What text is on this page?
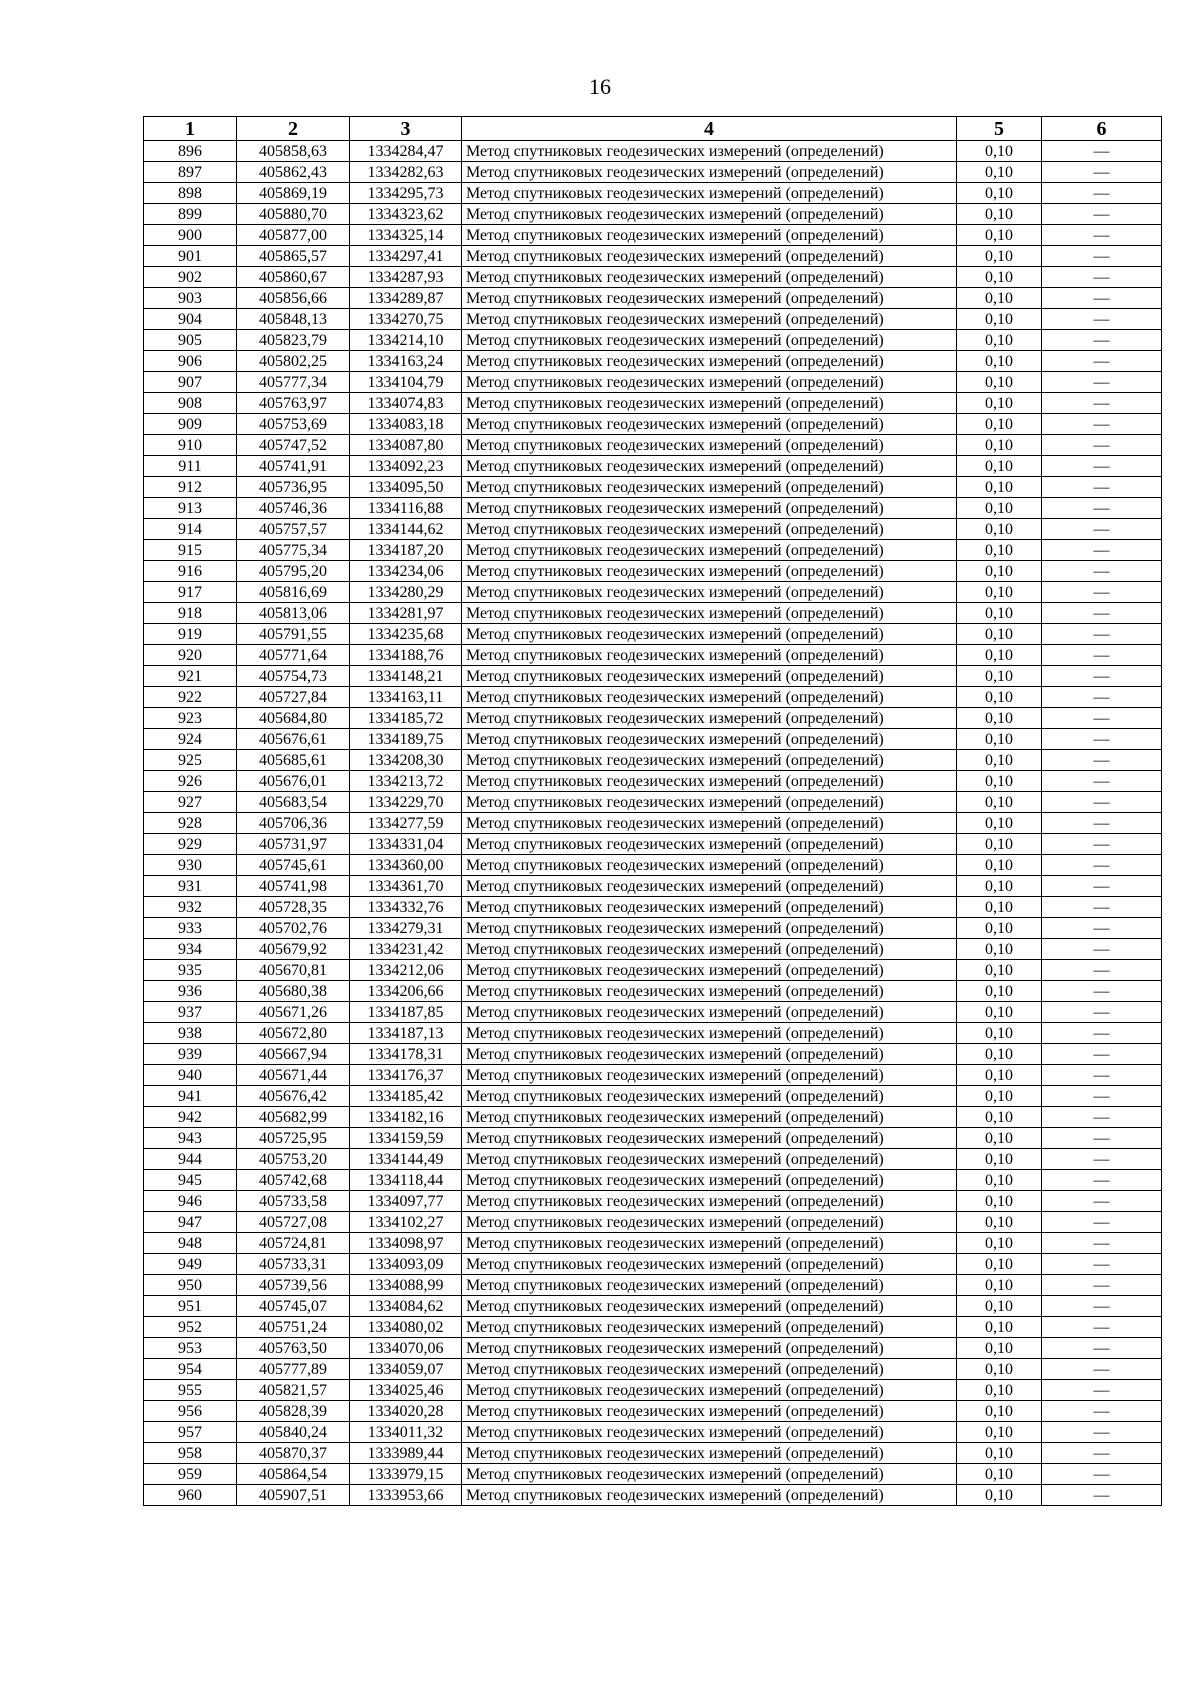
16
1	2	3	4	5	6
896	405858,63	1334284,47	Метод спутниковых геодезических измерений (определений)	0,10	—
897	405862,43	1334282,63	Метод спутниковых геодезических измерений (определений)	0,10	—
898	405869,19	1334295,73	Метод спутниковых геодезических измерений (определений)	0,10	—
899	405880,70	1334323,62	Метод спутниковых геодезических измерений (определений)	0,10	—
900	405877,00	1334325,14	Метод спутниковых геодезических измерений (определений)	0,10	—
901	405865,57	1334297,41	Метод спутниковых геодезических измерений (определений)	0,10	—
902	405860,67	1334287,93	Метод спутниковых геодезических измерений (определений)	0,10	—
903	405856,66	1334289,87	Метод спутниковых геодезических измерений (определений)	0,10	—
904	405848,13	1334270,75	Метод спутниковых геодезических измерений (определений)	0,10	—
905	405823,79	1334214,10	Метод спутниковых геодезических измерений (определений)	0,10	—
906	405802,25	1334163,24	Метод спутниковых геодезических измерений (определений)	0,10	—
907	405777,34	1334104,79	Метод спутниковых геодезических измерений (определений)	0,10	—
908	405763,97	1334074,83	Метод спутниковых геодезических измерений (определений)	0,10	—
909	405753,69	1334083,18	Метод спутниковых геодезических измерений (определений)	0,10	—
910	405747,52	1334087,80	Метод спутниковых геодезических измерений (определений)	0,10	—
911	405741,91	1334092,23	Метод спутниковых геодезических измерений (определений)	0,10	—
912	405736,95	1334095,50	Метод спутниковых геодезических измерений (определений)	0,10	—
913	405746,36	1334116,88	Метод спутниковых геодезических измерений (определений)	0,10	—
914	405757,57	1334144,62	Метод спутниковых геодезических измерений (определений)	0,10	—
915	405775,34	1334187,20	Метод спутниковых геодезических измерений (определений)	0,10	—
916	405795,20	1334234,06	Метод спутниковых геодезических измерений (определений)	0,10	—
917	405816,69	1334280,29	Метод спутниковых геодезических измерений (определений)	0,10	—
918	405813,06	1334281,97	Метод спутниковых геодезических измерений (определений)	0,10	—
919	405791,55	1334235,68	Метод спутниковых геодезических измерений (определений)	0,10	—
920	405771,64	1334188,76	Метод спутниковых геодезических измерений (определений)	0,10	—
921	405754,73	1334148,21	Метод спутниковых геодезических измерений (определений)	0,10	—
922	405727,84	1334163,11	Метод спутниковых геодезических измерений (определений)	0,10	—
923	405684,80	1334185,72	Метод спутниковых геодезических измерений (определений)	0,10	—
924	405676,61	1334189,75	Метод спутниковых геодезических измерений (определений)	0,10	—
925	405685,61	1334208,30	Метод спутниковых геодезических измерений (определений)	0,10	—
926	405676,01	1334213,72	Метод спутниковых геодезических измерений (определений)	0,10	—
927	405683,54	1334229,70	Метод спутниковых геодезических измерений (определений)	0,10	—
928	405706,36	1334277,59	Метод спутниковых геодезических измерений (определений)	0,10	—
929	405731,97	1334331,04	Метод спутниковых геодезических измерений (определений)	0,10	—
930	405745,61	1334360,00	Метод спутниковых геодезических измерений (определений)	0,10	—
931	405741,98	1334361,70	Метод спутниковых геодезических измерений (определений)	0,10	—
932	405728,35	1334332,76	Метод спутниковых геодезических измерений (определений)	0,10	—
933	405702,76	1334279,31	Метод спутниковых геодезических измерений (определений)	0,10	—
934	405679,92	1334231,42	Метод спутниковых геодезических измерений (определений)	0,10	—
935	405670,81	1334212,06	Метод спутниковых геодезических измерений (определений)	0,10	—
936	405680,38	1334206,66	Метод спутниковых геодезических измерений (определений)	0,10	—
937	405671,26	1334187,85	Метод спутниковых геодезических измерений (определений)	0,10	—
938	405672,80	1334187,13	Метод спутниковых геодезических измерений (определений)	0,10	—
939	405667,94	1334178,31	Метод спутниковых геодезических измерений (определений)	0,10	—
940	405671,44	1334176,37	Метод спутниковых геодезических измерений (определений)	0,10	—
941	405676,42	1334185,42	Метод спутниковых геодезических измерений (определений)	0,10	—
942	405682,99	1334182,16	Метод спутниковых геодезических измерений (определений)	0,10	—
943	405725,95	1334159,59	Метод спутниковых геодезических измерений (определений)	0,10	—
944	405753,20	1334144,49	Метод спутниковых геодезических измерений (определений)	0,10	—
945	405742,68	1334118,44	Метод спутниковых геодезических измерений (определений)	0,10	—
946	405733,58	1334097,77	Метод спутниковых геодезических измерений (определений)	0,10	—
947	405727,08	1334102,27	Метод спутниковых геодезических измерений (определений)	0,10	—
948	405724,81	1334098,97	Метод спутниковых геодезических измерений (определений)	0,10	—
949	405733,31	1334093,09	Метод спутниковых геодезических измерений (определений)	0,10	—
950	405739,56	1334088,99	Метод спутниковых геодезических измерений (определений)	0,10	—
951	405745,07	1334084,62	Метод спутниковых геодезических измерений (определений)	0,10	—
952	405751,24	1334080,02	Метод спутниковых геодезических измерений (определений)	0,10	—
953	405763,50	1334070,06	Метод спутниковых геодезических измерений (определений)	0,10	—
954	405777,89	1334059,07	Метод спутниковых геодезических измерений (определений)	0,10	—
955	405821,57	1334025,46	Метод спутниковых геодезических измерений (определений)	0,10	—
956	405828,39	1334020,28	Метод спутниковых геодезических измерений (определений)	0,10	—
957	405840,24	1334011,32	Метод спутниковых геодезических измерений (определений)	0,10	—
958	405870,37	1333989,44	Метод спутниковых геодезических измерений (определений)	0,10	—
959	405864,54	1333979,15	Метод спутниковых геодезических измерений (определений)	0,10	—
960	405907,51	1333953,66	Метод спутниковых геодезических измерений (определений)	0,10	—
